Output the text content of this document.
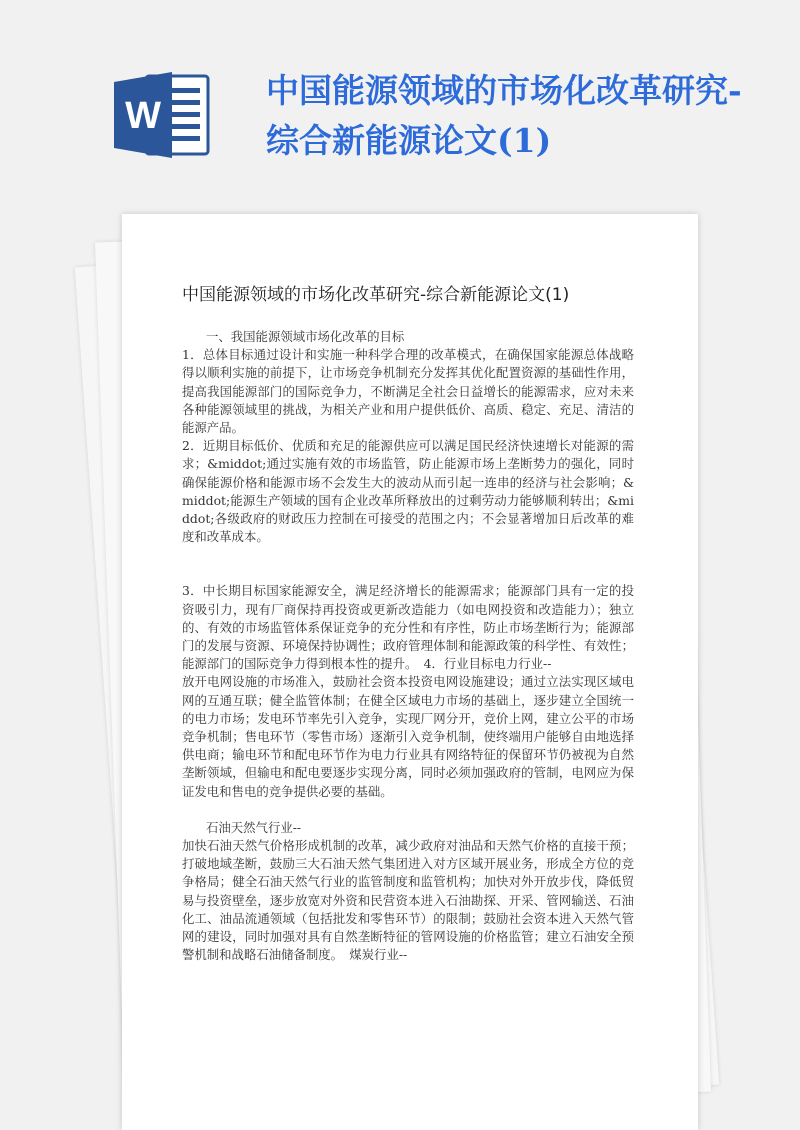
W
中国能源领域的市场化改革研究-综合新能源论文(1)
中国能源领域的市场化改革研究-综合新能源论文(1)

一、我国能源领域市场化改革的目标

1．总体目标通过设计和实施一种科学合理的改革模式，在确保国家能源总体战略得以顺利实施的前提下，让市场竞争机制充分发挥其优化配置资源的基础性作用，提高我国能源部门的国际竞争力，不断满足全社会日益增长的能源需求，应对未来各种能源领域里的挑战，为相关产业和用户提供低价、高质、稳定、充足、清洁的能源产品。

2．近期目标低价、优质和充足的能源供应可以满足国民经济快速增长对能源的需求；&middot;通过实施有效的市场监管，防止能源市场上垄断势力的强化，同时确保能源价格和能源市场不会发生大的波动从而引起一连串的经济与社会影响；&middot;能源生产领域的国有企业改革所释放出的过剩劳动力能够顺利转出；&middot;各级政府的财政压力控制在可接受的范围之内；不会显著增加日后改革的难度和改革成本。

3．中长期目标国家能源安全，满足经济增长的能源需求；能源部门具有一定的投资吸引力，现有厂商保持再投资或更新改造能力（如电网投资和改造能力）；独立的、有效的市场监管体系保证竞争的充分性和有序性，防止市场垄断行为；能源部门的发展与资源、环境保持协调性；政府管理体制和能源政策的科学性、有效性；能源部门的国际竞争力得到根本性的提升。　4．行业目标电力行业--

放开电网设施的市场准入，鼓励社会资本投资电网设施建设；通过立法实现区域电网的互通互联；健全监管体制；在健全区域电力市场的基础上，逐步建立全国统一的电力市场；发电环节率先引入竞争，实现厂网分开，竞价上网，建立公平的市场竞争机制；售电环节（零售市场）逐渐引入竞争机制，使终端用户能够自由地选择供电商；输电环节和配电环节作为电力行业具有网络特征的保留环节仍被视为自然垄断领域，但输电和配电要逐步实现分离，同时必须加强政府的管制，电网应为保证发电和售电的竞争提供必要的基础。

石油天然气行业--

加快石油天然气价格形成机制的改革，减少政府对油品和天然气价格的直接干预；打破地域垄断，鼓励三大石油天然气集团进入对方区域开展业务，形成全方位的竞争格局；健全石油天然气行业的监管制度和监管机构；加快对外开放步伐，降低贸易与投资壁垒，逐步放宽对外资和民营资本进入石油勘探、开采、管网输送、石油化工、油品流通领域（包括批发和零售环节）的限制；鼓励社会资本进入天然气管网的建设，同时加强对具有自然垄断特征的管网设施的价格监管；建立石油安全预警机制和战略石油储备制度。　煤炭行业--
